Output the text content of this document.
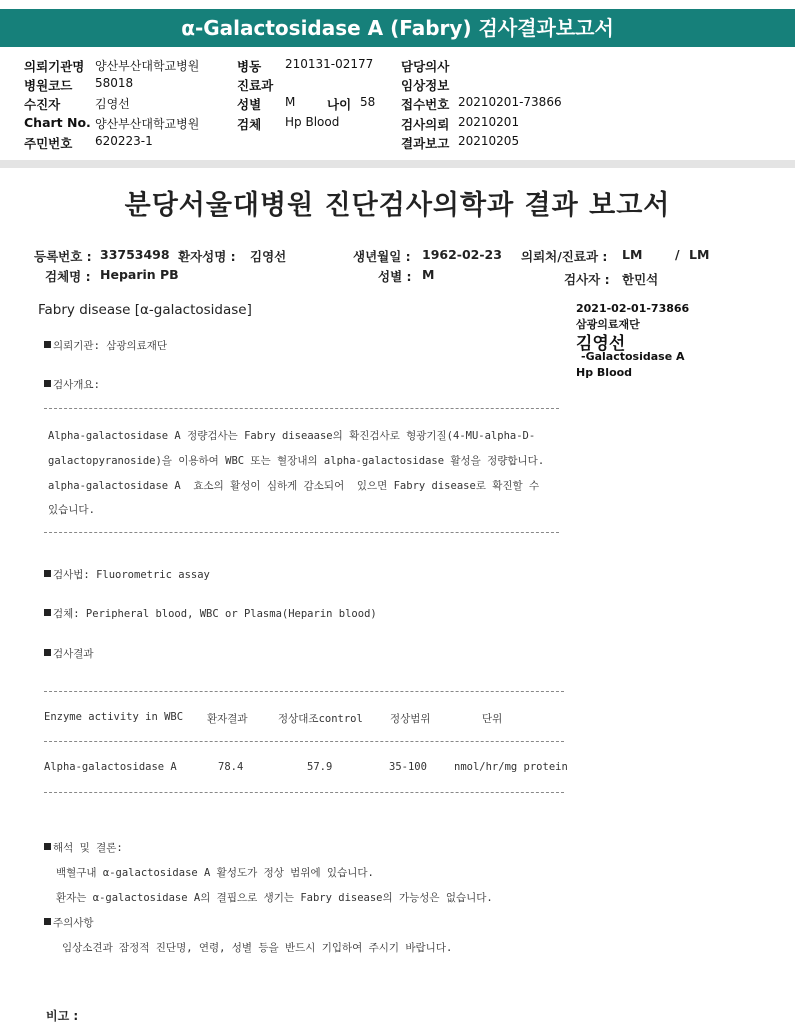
α-Galactosidase A (Fabry) 검사결과보고서
의뢰기관명 양산부산대학교병원
병원코드 58018
수진자	김영선
Chart No. 양산부산대학교병원
주민번호 620223-1
병동 210131-02177
진료과
성별 M	나이 58
검체 Hp Blood
담당의사
임상정보
접수번호 20210201-73866
검사의뢰 20210201
결과보고 20210205
분당서울대병원 진단검사의학과 결과 보고서
등록번호 : 33753498 환자성명 : 김영선	생년월일 : 1962-02-23 의뢰처/진료과 : LM	/ LM
검체명 : Heparin PB	성별 : M	검사자 : 한민석
Fabry disease [α-galactosidase]	2021-02-01-73866
삼광의료재단
김영선
-Galactosidase A
Hp Blood
의뢰기관: 삼광의료재단
검사개요:
Alpha-galactosidase A 정량검사는 Fabry diseaase의 확진검사로 형광기질(4-MU-alpha-D-
galactopyranoside)을 이용하여 WBC 또는 혈장내의 alpha-galactosidase 활성을 정량합니다.
alpha-galactosidase A  효소의 활성이 심하게 감소되어  있으면 Fabry disease로 확진할 수
있습니다.
검사법: Fluorometric assay
검체: Peripheral blood, WBC or Plasma(Heparin blood)
검사결과
Enzyme activity in WBC 환자결과	정상대조control	정상범위	단위
Alpha-galactosidase A	78.4	57.9	35-100	nmol/hr/mg protein
해석 및 결론:
백혈구내 α-galactosidase A 활성도가 정상 범위에 있습니다.
환자는 α-galactosidase A의 결핍으로 생기는 Fabry disease의 가능성은 없습니다.
주의사항
임상소견과 잠정적 진단명, 연령, 성별 등을 반드시 기입하여 주시기 바랍니다.
비고 :
